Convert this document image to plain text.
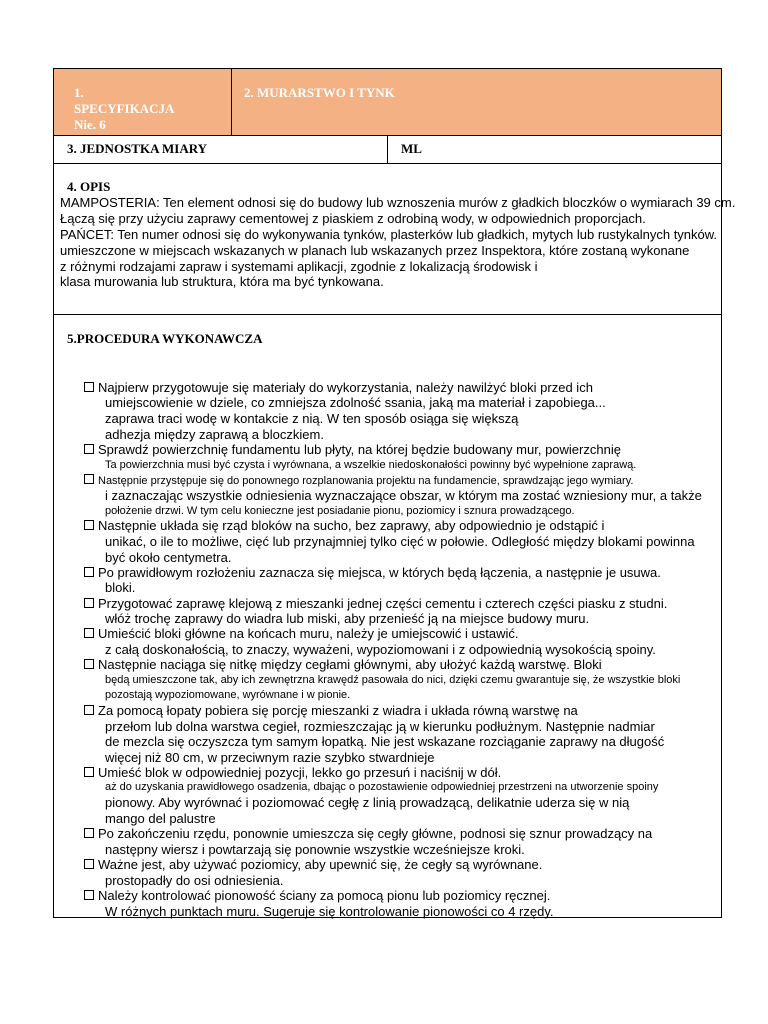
1.
SPECYFIKACJA
Nie. 6
2. MURARSTWO I TYNK
3. JEDNOSTKA MIARY	ML
4. OPIS
MAMPOSTERIA: Ten element odnosi się do budowy lub wznoszenia murów z gładkich bloczków o wymiarach 39 cm.
Łączą się przy użyciu zaprawy cementowej z piaskiem z odrobiną wody, w odpowiednich proporcjach.
PAŃCET: Ten numer odnosi się do wykonywania tynków, plasterków lub gładkich, mytych lub rustykalnych tynków.
umieszczone w miejscach wskazanych w planach lub wskazanych przez Inspektora, które zostaną wykonane
z różnymi rodzajami zapraw i systemami aplikacji, zgodnie z lokalizacją środowisk i
klasa murowania lub struktura, która ma być tynkowana.
5.PROCEDURA WYKONAWCZA
Najpierw przygotowuje się materiały do wykorzystania, należy nawilżyć bloki przed ich
umiejscowienie w dziele, co zmniejsza zdolność ssania, jaką ma materiał i zapobiega...
zaprawa traci wodę w kontakcie z nią. W ten sposób osiąga się większą
adhezja między zaprawą a bloczkiem.
Sprawdź powierzchnię fundamentu lub płyty, na której będzie budowany mur, powierzchnię
Ta powierzchnia musi być czysta i wyrównana, a wszelkie niedoskonałości powinny być wypełnione zaprawą.
Następnie przystępuje się do ponownego rozplanowania projektu na fundamencie, sprawdzając jego wymiary.
i zaznaczając wszystkie odniesienia wyznaczające obszar, w którym ma zostać wzniesiony mur, a także
położenie drzwi. W tym celu konieczne jest posiadanie pionu, poziomicy i sznura prowadzącego.
Następnie układa się rząd bloków na sucho, bez zaprawy, aby odpowiednio je odstąpić i
unikać, o ile to możliwe, cięć lub przynajmniej tylko cięć w połowie. Odległość między blokami powinna
być około centymetra.
Po prawidłowym rozłożeniu zaznacza się miejsca, w których będą łączenia, a następnie je usuwa.
bloki.
Przygotować zaprawę klejową z mieszanki jednej części cementu i czterech części piasku z studni.
włóż trochę zaprawy do wiadra lub miski, aby przenieść ją na miejsce budowy muru.
Umieścić bloki główne na końcach muru, należy je umiejscowić i ustawić.
z całą doskonałością, to znaczy, wyważeni, wypoziomowani i z odpowiednią wysokością spoiny.
Następnie naciąga się nitkę między cegłami głównymi, aby ułożyć każdą warstwę. Bloki
będą umieszczone tak, aby ich zewnętrzna krawędź pasowała do nici, dzięki czemu gwarantuje się, że wszystkie bloki
pozostają wypoziomowane, wyrównane i w pionie.
Za pomocą łopaty pobiera się porcję mieszanki z wiadra i układa równą warstwę na
przełom lub dolna warstwa cegieł, rozmieszczając ją w kierunku podłużnym. Następnie nadmiar
de mezcla się oczyszcza tym samym łopatką. Nie jest wskazane rozciąganie zaprawy na długość
więcej niż 80 cm, w przeciwnym razie szybko stwardnieje
Umieść blok w odpowiedniej pozycji, lekko go przesuń i naciśnij w dół.
aż do uzyskania prawidłowego osadzenia, dbając o pozostawienie odpowiedniej przestrzeni na utworzenie spoiny
pionowy. Aby wyrównać i poziomować cegłę z linią prowadzącą, delikatnie uderza się w nią
mango del palustre
Po zakończeniu rzędu, ponownie umieszcza się cegły główne, podnosi się sznur prowadzący na
następny wiersz i powtarzają się ponownie wszystkie wcześniejsze kroki.
Ważne jest, aby używać poziomicy, aby upewnić się, że cegły są wyrównane.
prostopadły do osi odniesienia.
Należy kontrolować pionowość ściany za pomocą pionu lub poziomicy ręcznej.
W różnych punktach muru. Sugeruje się kontrolowanie pionowości co 4 rzędy.
